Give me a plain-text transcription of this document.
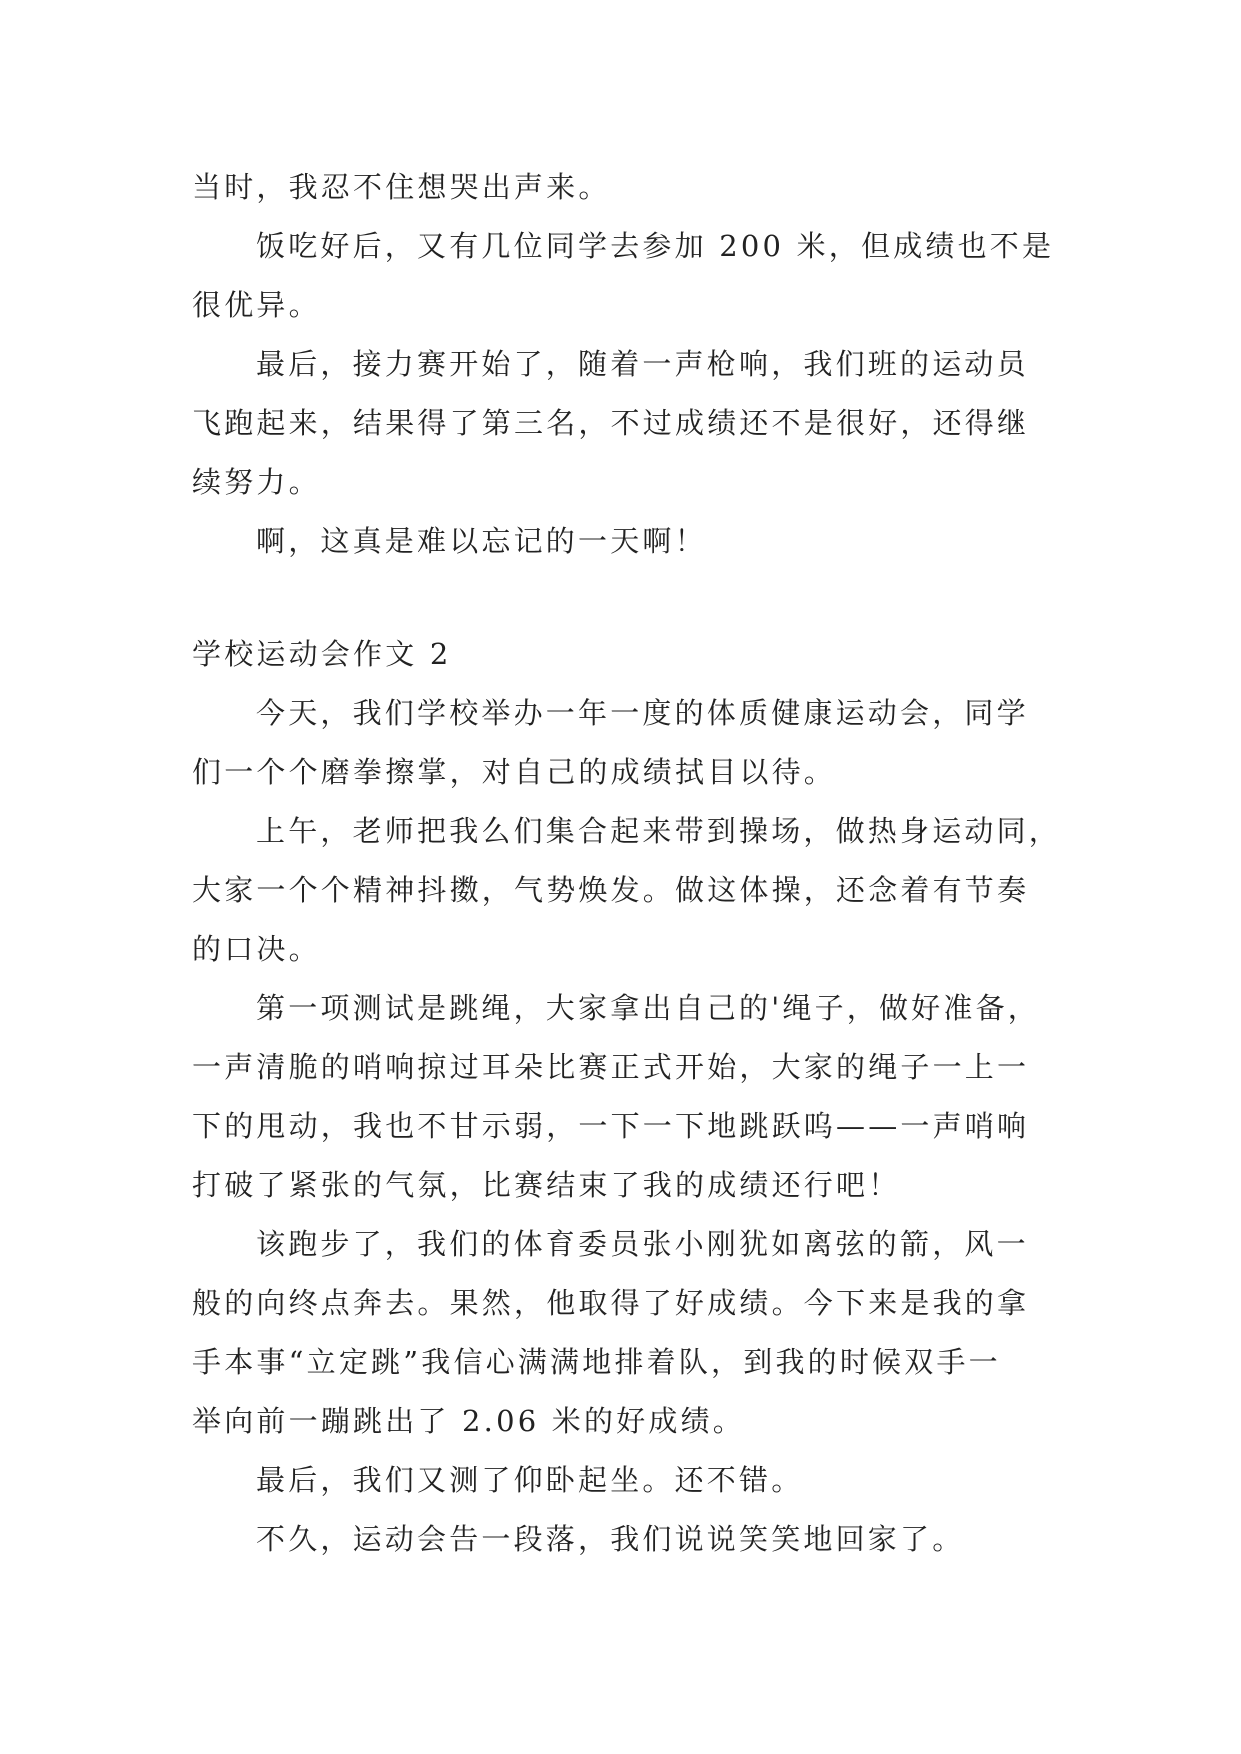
当时，我忍不住想哭出声来。

饭吃好后，又有几位同学去参加 200 米，但成绩也不是

很优异。

最后，接力赛开始了，随着一声枪响，我们班的运动员

飞跑起来，结果得了第三名，不过成绩还不是很好，还得继

续努力。

啊，这真是难以忘记的一天啊！

学校运动会作文 2

今天，我们学校举办一年一度的体质健康运动会，同学

们一个个磨拳擦掌，对自己的成绩拭目以待。

上午，老师把我么们集合起来带到操场，做热身运动同，

大家一个个精神抖擞，气势焕发。做这体操，还念着有节奏

的口决。

第一项测试是跳绳，大家拿出自己的'绳子，做好准备，

一声清脆的哨响掠过耳朵比赛正式开始，大家的绳子一上一

下的甩动，我也不甘示弱，一下一下地跳跃呜——一声哨响

打破了紧张的气氛，比赛结束了我的成绩还行吧！

该跑步了，我们的体育委员张小刚犹如离弦的箭，风一

般的向终点奔去。果然，他取得了好成绩。今下来是我的拿

手本事“立定跳”我信心满满地排着队，到我的时候双手一

举向前一蹦跳出了 2.06 米的好成绩。

最后，我们又测了仰卧起坐。还不错。

不久，运动会告一段落，我们说说笑笑地回家了。
